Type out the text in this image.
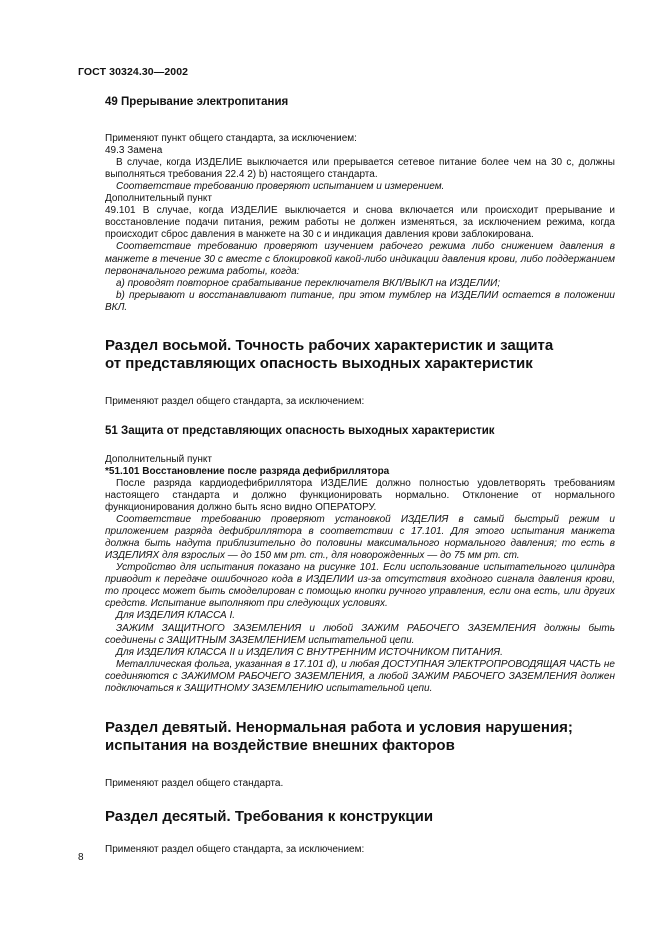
ГОСТ 30324.30—2002

49 Прерывание электропитания

Применяют пункт общего стандарта, за исключением:

49.3 Замена

В случае, когда ИЗДЕЛИЕ выключается или прерывается сетевое питание более чем на 30 с, должны выполняться требования 22.4 2) b) настоящего стандарта.

Соответствие требованию проверяют испытанием и измерением.

Дополнительный пункт

49.101 В случае, когда ИЗДЕЛИЕ выключается и снова включается или происходит прерывание и восстановление подачи питания, режим работы не должен изменяться, за исключением режима, когда происходит сброс давления в манжете на 30 с и индикация давления крови заблокирована.

Соответствие требованию проверяют изучением рабочего режима либо снижением давления в манжете в течение 30 с вместе с блокировкой какой-либо индикации давления крови, либо поддержанием первоначального режима работы, когда:

a) проводят повторное срабатывание переключателя ВКЛ/ВЫКЛ на ИЗДЕЛИИ;

b) прерывают и восстанавливают питание, при этом тумблер на ИЗДЕЛИИ остается в положении ВКЛ.

Раздел восьмой. Точность рабочих характеристик и защита

от представляющих опасность выходных характеристик

Применяют раздел общего стандарта, за исключением:

51 Защита от представляющих опасность выходных характеристик

Дополнительный пункт

*51.101 Восстановление после разряда дефибриллятора

После разряда кардиодефибриллятора ИЗДЕЛИЕ должно полностью удовлетворять требованиям настоящего стандарта и должно функционировать нормально. Отклонение от нормального функционирования должно быть ясно видно ОПЕРАТОРУ.

Соответствие требованию проверяют установкой ИЗДЕЛИЯ в самый быстрый режим и приложением разряда дефибриллятора в соответствии с 17.101. Для этого испытания манжета должна быть надута приблизительно до половины максимального нормального давления; то есть в ИЗДЕЛИЯХ для взрослых — до 150 мм рт. ст., для новорожденных — до 75 мм рт. ст.

Устройство для испытания показано на рисунке 101. Если использование испытательного цилиндра приводит к передаче ошибочного кода в ИЗДЕЛИИ из-за отсутствия входного сигнала давления крови, то процесс может быть смоделирован с помощью кнопки ручного управления, если она есть, или других средств. Испытание выполняют при следующих условиях.

Для ИЗДЕЛИЯ КЛАССА I.

ЗАЖИМ ЗАЩИТНОГО ЗАЗЕМЛЕНИЯ и любой ЗАЖИМ РАБОЧЕГО ЗАЗЕМЛЕНИЯ должны быть соединены с ЗАЩИТНЫМ ЗАЗЕМЛЕНИЕМ испытательной цепи.

Для ИЗДЕЛИЯ КЛАССА II и ИЗДЕЛИЯ С ВНУТРЕННИМ ИСТОЧНИКОМ ПИТАНИЯ.

Металлическая фольга, указанная в 17.101 d), и любая ДОСТУПНАЯ ЭЛЕКТРОПРОВОДЯЩАЯ ЧАСТЬ не соединяются с ЗАЖИМОМ РАБОЧЕГО ЗАЗЕМЛЕНИЯ, а любой ЗАЖИМ РАБОЧЕГО ЗАЗЕМЛЕНИЯ должен подключаться к ЗАЩИТНОМУ ЗАЗЕМЛЕНИЮ испытательной цепи.

Раздел девятый. Ненормальная работа и условия нарушения;

испытания на воздействие внешних факторов

Применяют раздел общего стандарта.

Раздел десятый. Требования к конструкции

Применяют раздел общего стандарта, за исключением:

8
